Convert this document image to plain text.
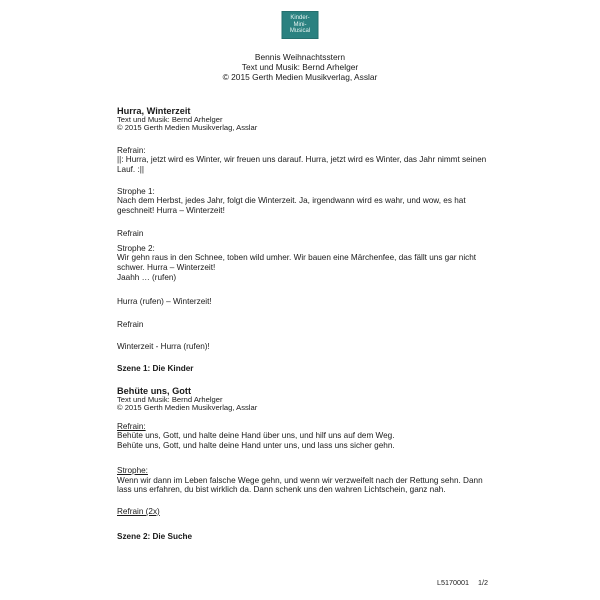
Kinder-
Mini-
Musical
Bennis Weihnachtsstern
Text und Musik: Bernd Arhelger
© 2015 Gerth Medien Musikverlag, Asslar
Hurra, Winterzeit
Text und Musik: Bernd Arhelger
© 2015 Gerth Medien Musikverlag, Asslar
Refrain:
||: Hurra, jetzt wird es Winter, wir freuen uns darauf. Hurra, jetzt wird es Winter, das Jahr nimmt seinen Lauf. :||
Strophe 1:
Nach dem Herbst, jedes Jahr, folgt die Winterzeit. Ja, irgendwann wird es wahr, und wow, es hat geschneit! Hurra – Winterzeit!
Refrain
Strophe 2:
Wir gehn raus in den Schnee, toben wild umher. Wir bauen eine Märchenfee, das fällt uns gar nicht schwer. Hurra – Winterzeit!
Jaahh … (rufen)
Hurra (rufen) – Winterzeit!
Refrain
Winterzeit - Hurra (rufen)!
Szene 1: Die Kinder
Behüte uns, Gott
Text und Musik: Bernd Arhelger
© 2015 Gerth Medien Musikverlag, Asslar
Refrain:
Behüte uns, Gott, und halte deine Hand über uns, und hilf uns auf dem Weg.
Behüte uns, Gott, und halte deine Hand unter uns, und lass uns sicher gehn.
Strophe:
Wenn wir dann im Leben falsche Wege gehn, und wenn wir verzweifelt nach der Rettung sehn. Dann lass uns erfahren, du bist wirklich da. Dann schenk uns den wahren Lichtschein, ganz nah.
Refrain (2x)
Szene 2: Die Suche
L5170001 1/2
